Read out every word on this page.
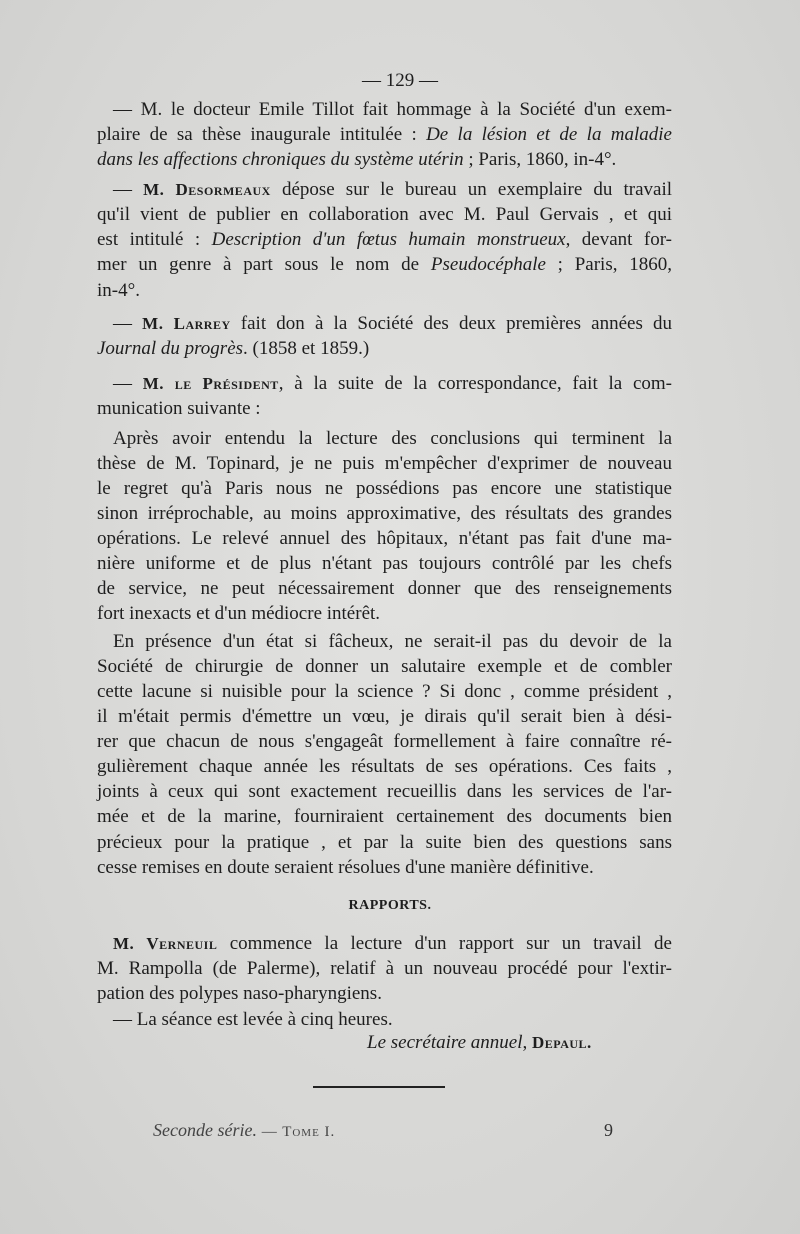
— 129 —
— M. le docteur Emile Tillot fait hommage à la Société d'un exem-
plaire de sa thèse inaugurale intitulée : De la lésion et de la maladie
dans les affections chroniques du système utérin ; Paris, 1860, in-4°.
— M. Desormeaux dépose sur le bureau un exemplaire du travail
qu'il vient de publier en collaboration avec M. Paul Gervais , et qui
est intitulé : Description d'un fœtus humain monstrueux, devant for-
mer un genre à part sous le nom de Pseudocéphale ; Paris, 1860,
in-4°.
— M. Larrey fait don à la Société des deux premières années du
Journal du progrès. (1858 et 1859.)
— M. le Président, à la suite de la correspondance, fait la com-
munication suivante :
Après avoir entendu la lecture des conclusions qui terminent la
thèse de M. Topinard, je ne puis m'empêcher d'exprimer de nouveau
le regret qu'à Paris nous ne possédions pas encore une statistique
sinon irréprochable, au moins approximative, des résultats des grandes
opérations. Le relevé annuel des hôpitaux, n'étant pas fait d'une ma-
nière uniforme et de plus n'étant pas toujours contrôlé par les chefs
de service, ne peut nécessairement donner que des renseignements
fort inexacts et d'un médiocre intérêt.
En présence d'un état si fâcheux, ne serait-il pas du devoir de la
Société de chirurgie de donner un salutaire exemple et de combler
cette lacune si nuisible pour la science ? Si donc , comme président ,
il m'était permis d'émettre un vœu, je dirais qu'il serait bien à dési-
rer que chacun de nous s'engageât formellement à faire connaître ré-
gulièrement chaque année les résultats de ses opérations. Ces faits ,
joints à ceux qui sont exactement recueillis dans les services de l'ar-
mée et de la marine, fourniraient certainement des documents bien
précieux pour la pratique , et par la suite bien des questions sans
cesse remises en doute seraient résolues d'une manière définitive.
M. Verneuil commence la lecture d'un rapport sur un travail de
M. Rampolla (de Palerme), relatif à un nouveau procédé pour l'extir-
pation des polypes naso-pharyngiens.
— La séance est levée à cinq heures.
RAPPORTS.
Le secrétaire annuel, Depaul.
Seconde série. — Tome I.	9
